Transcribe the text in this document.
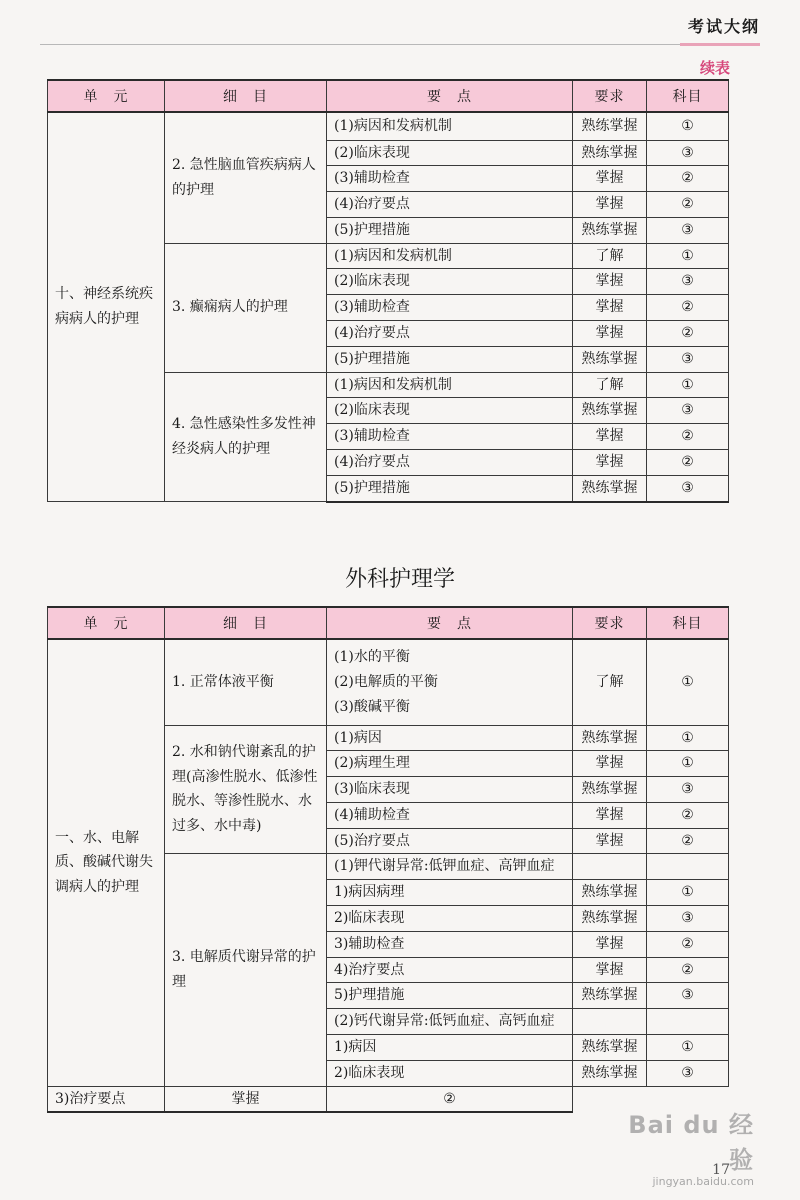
考试大纲
续表
单　元	细　目	要　点	要求	科目
十、神经系统疾病病人的护理	2. 急性脑血管疾病病人的护理	(1)病因和发病机制	熟练掌握	①
		(2)临床表现	熟练掌握	③
		(3)辅助检查	掌握	②
		(4)治疗要点	掌握	②
		(5)护理措施	熟练掌握	③
	3. 癫痫病人的护理	(1)病因和发病机制	了解	①
		(2)临床表现	掌握	③
		(3)辅助检查	掌握	②
		(4)治疗要点	掌握	②
		(5)护理措施	熟练掌握	③
	4. 急性感染性多发性神经炎病人的护理	(1)病因和发病机制	了解	①
		(2)临床表现	熟练掌握	③
		(3)辅助检查	掌握	②
		(4)治疗要点	掌握	②
		(5)护理措施	熟练掌握	③
外科护理学
单　元	细　目	要　点	要求	科目
一、水、电解质、酸碱代谢失调病人的护理	1. 正常体液平衡	(1)水的平衡
(2)电解质的平衡
(3)酸碱平衡	了解	①
	2. 水和钠代谢紊乱的护理(高渗性脱水、低渗性脱水、等渗性脱水、水过多、水中毒)	(1)病因	熟练掌握	①
		(2)病理生理	掌握	①
		(3)临床表现	熟练掌握	③
		(4)辅助检查	掌握	②
		(5)治疗要点	掌握	②
	3. 电解质代谢异常的护理	(1)钾代谢异常:低钾血症、高钾血症		
		1)病因病理	熟练掌握	①
		2)临床表现	熟练掌握	③
		3)辅助检查	掌握	②
		4)治疗要点	掌握	②
		5)护理措施	熟练掌握	③
		(2)钙代谢异常:低钙血症、高钙血症		
		1)病因	熟练掌握	①
		2)临床表现	熟练掌握	③
3)治疗要点	掌握	②		
17
Bai du 经验
jingyan.baidu.com
